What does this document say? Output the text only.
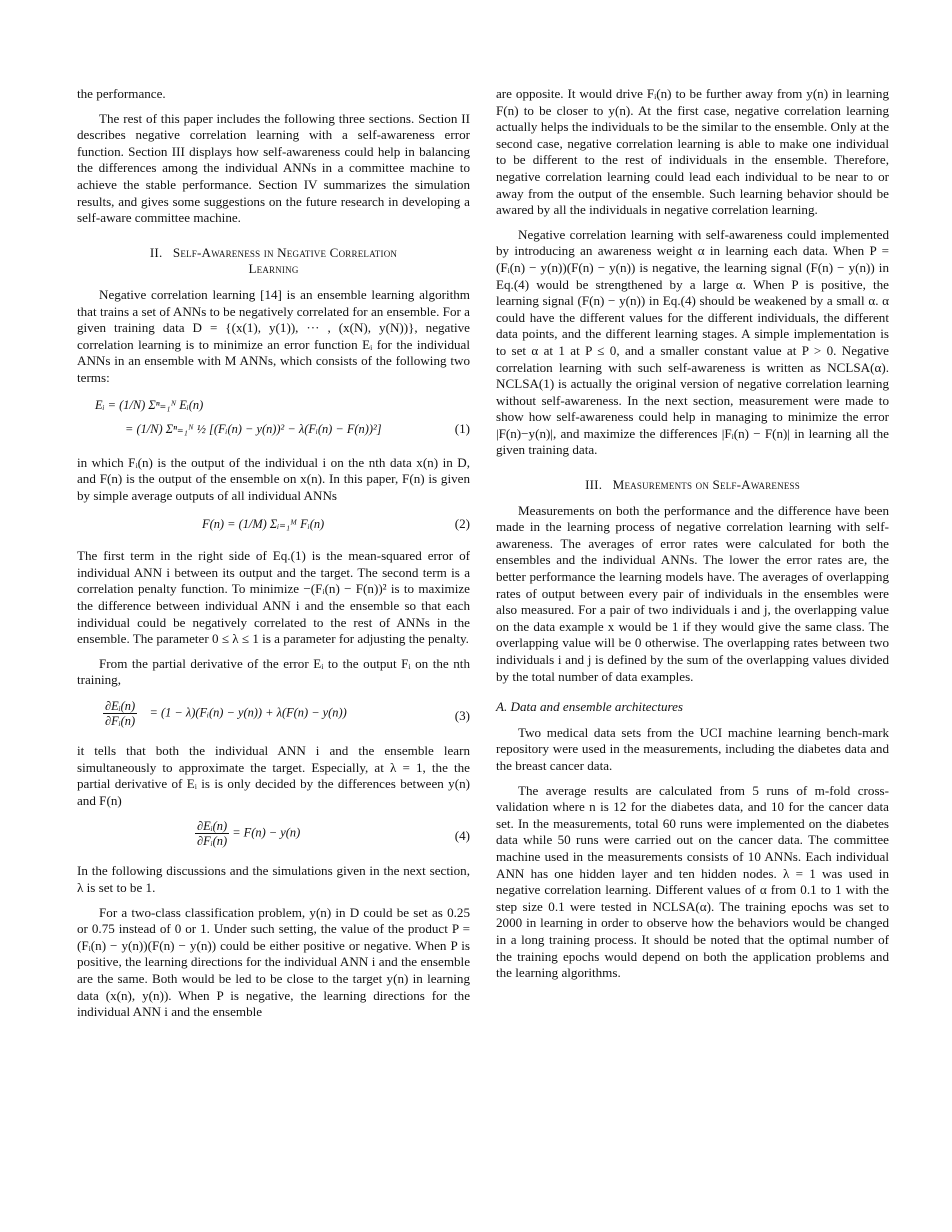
the performance.

The rest of this paper includes the following three sections. Section II describes negative correlation learning with a self-awareness error function. Section III displays how self-awareness could help in balancing the differences among the individual ANNs in a committee machine to achieve the stable performance. Section IV summarizes the simulation results, and gives some suggestions on the future research in developing a self-aware committee machine.

II. Self-Awareness in Negative Correlation
Learning

Negative correlation learning [14] is an ensemble learning algorithm that trains a set of ANNs to be negatively correlated for an ensemble. For a given training data D = {(x(1), y(1)), ··· , (x(N), y(N))}, negative correlation learning is to minimize an error function Eᵢ for the individual ANNs in an ensemble with M ANNs, which consists of the following two terms:

Eᵢ = (1/N) Σⁿ₌₁ᴺ Eᵢ(n)
= (1/N) Σⁿ₌₁ᴺ ½ [(Fᵢ(n) − y(n))² − λ(Fᵢ(n) − F(n))²]	(1)

in which Fᵢ(n) is the output of the individual i on the nth data x(n) in D, and F(n) is the output of the ensemble on x(n). In this paper, F(n) is given by simple average outputs of all individual ANNs

F(n) = (1/M) Σᵢ₌₁ᴹ Fᵢ(n)	(2)

The first term in the right side of Eq.(1) is the mean-squared error of individual ANN i between its output and the target. The second term is a correlation penalty function. To minimize −(Fᵢ(n) − F(n))² is to maximize the difference between individual ANN i and the ensemble so that each individual could be negatively correlated to the rest of ANNs in the ensemble. The parameter 0 ≤ λ ≤ 1 is a parameter for adjusting the penalty.

From the partial derivative of the error Eᵢ to the output Fᵢ on the nth training,

$\frac{\text{∂Eᵢ(n)}}{\text{∂Fᵢ(n)}} = (1$ − λ)(Fᵢ(n) − y(n)) + λ(F(n) − y(n))	(3)

it tells that both the individual ANN i and the ensemble learn simultaneously to approximate the target. Especially, at λ = 1, the the partial derivative of Eᵢ is is only decided by the differences between y(n) and F(n)

$\frac{\text{∂Eᵢ(n)}}{\text{∂Fᵢ(n)}} = F(n) - y(n)$	(4)

In the following discussions and the simulations given in the next section, λ is set to be 1.

For a two-class classification problem, y(n) in D could be set as 0.25 or 0.75 instead of 0 or 1. Under such setting, the value of the product P = (Fᵢ(n) − y(n))(F(n) − y(n)) could be either positive or negative. When P is positive, the learning directions for the individual ANN i and the ensemble are the same. Both would be led to be close to the target y(n) in learning data (x(n), y(n)). When P is negative, the learning directions for the individual ANN i and the ensemble

are opposite. It would drive Fᵢ(n) to be further away from y(n) in learning F(n) to be closer to y(n). At the first case, negative correlation learning actually helps the individuals to be the similar to the ensemble. Only at the second case, negative correlation learning is able to make one individual to be different to the rest of individuals in the ensemble. Therefore, negative correlation learning could lead each individual to be near to or away from the output of the ensemble. Such learning behavior should be awared by all the individuals in negative correlation learning.

Negative correlation learning with self-awareness could implemented by introducing an awareness weight α in learning each data. When P = (Fᵢ(n) − y(n))(F(n) − y(n)) is negative, the learning signal (F(n) − y(n)) in Eq.(4) would be strengthened by a large α. When P is positive, the learning signal (F(n) − y(n)) in Eq.(4) should be weakened by a small α. α could have the different values for the different individuals, the different data points, and the different learning stages. A simple implementation is to set α at 1 at P ≤ 0, and a smaller constant value at P > 0. Negative correlation learning with such self-awareness is written as NCLSA(α). NCLSA(1) is actually the original version of negative correlation learning without self-awareness. In the next section, measurement were made to show how self-awareness could help in managing to minimize the error |F(n)−y(n)|, and maximize the differences |Fᵢ(n) − F(n)| in learning all the given training data.

III. Measurements on Self-Awareness

Measurements on both the performance and the difference have been made in the learning process of negative correlation learning with self-awareness. The averages of error rates were calculated for both the ensembles and the individual ANNs. The lower the error rates are, the better performance the learning models have. The averages of overlapping rates of output between every pair of individuals in the ensembles were also measured. For a pair of two individuals i and j, the overlapping value on the data example x would be 1 if they would give the same class. The overlapping value will be 0 otherwise. The overlapping rates between two individuals i and j is defined by the sum of the overlapping values divided by the total number of data examples.

A. Data and ensemble architectures

Two medical data sets from the UCI machine learning bench-mark repository were used in the measurements, including the diabetes data and the breast cancer data.

The average results are calculated from 5 runs of m-fold cross-validation where n is 12 for the diabetes data, and 10 for the cancer data set. In the measurements, total 60 runs were implemented on the diabetes data while 50 runs were carried out on the cancer data. The committee machine used in the measurements consists of 10 ANNs. Each individual ANN has one hidden layer and ten hidden nodes. λ = 1 was used in negative correlation learning. Different values of α from 0.1 to 1 with the step size 0.1 were tested in NCLSA(α). The training epochs was set to 2000 in learning in order to observe how the behaviors would be changed in a long training process. It should be noted that the optimal number of the training epochs would depend on both the application problems and the learning algorithms.
